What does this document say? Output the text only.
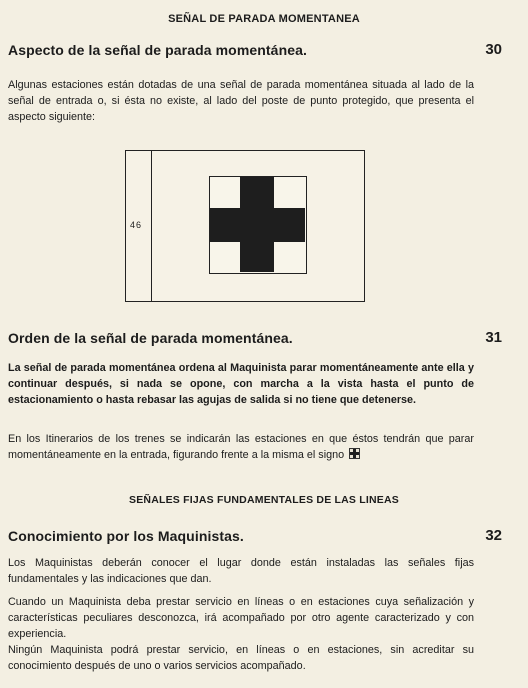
SEÑAL DE PARADA MOMENTANEA
Aspecto de la señal de parada momentánea.	30
Algunas estaciones están dotadas de una señal de parada momentánea situada al lado de la señal de entrada o, si ésta no existe, al lado del poste de punto protegido, que presenta el aspecto siguiente:
46
Orden de la señal de parada momentánea.	31
La señal de parada momentánea ordena al Maquinista parar momentáneamente ante ella y continuar después, si nada se opone, con marcha a la vista hasta el punto de estacionamiento o hasta rebasar las agujas de salida si no tiene que detenerse.
En los Itinerarios de los trenes se indicarán las estaciones en que éstos tendrán que parar momentáneamente en la entrada, figurando frente a la misma el signo
SEÑALES FIJAS FUNDAMENTALES DE LAS LINEAS
Conocimiento por los Maquinistas.	32
Los Maquinistas deberán conocer el lugar donde están instaladas las señales fijas fundamentales y las indicaciones que dan.
Cuando un Maquinista deba prestar servicio en líneas o en estaciones cuya señalización y características peculiares desconozca, irá acompañado por otro agente caracterizado y con experiencia.
Ningún Maquinista podrá prestar servicio, en líneas o en estaciones, sin acreditar su conocimiento después de uno o varios servicios acompañado.
